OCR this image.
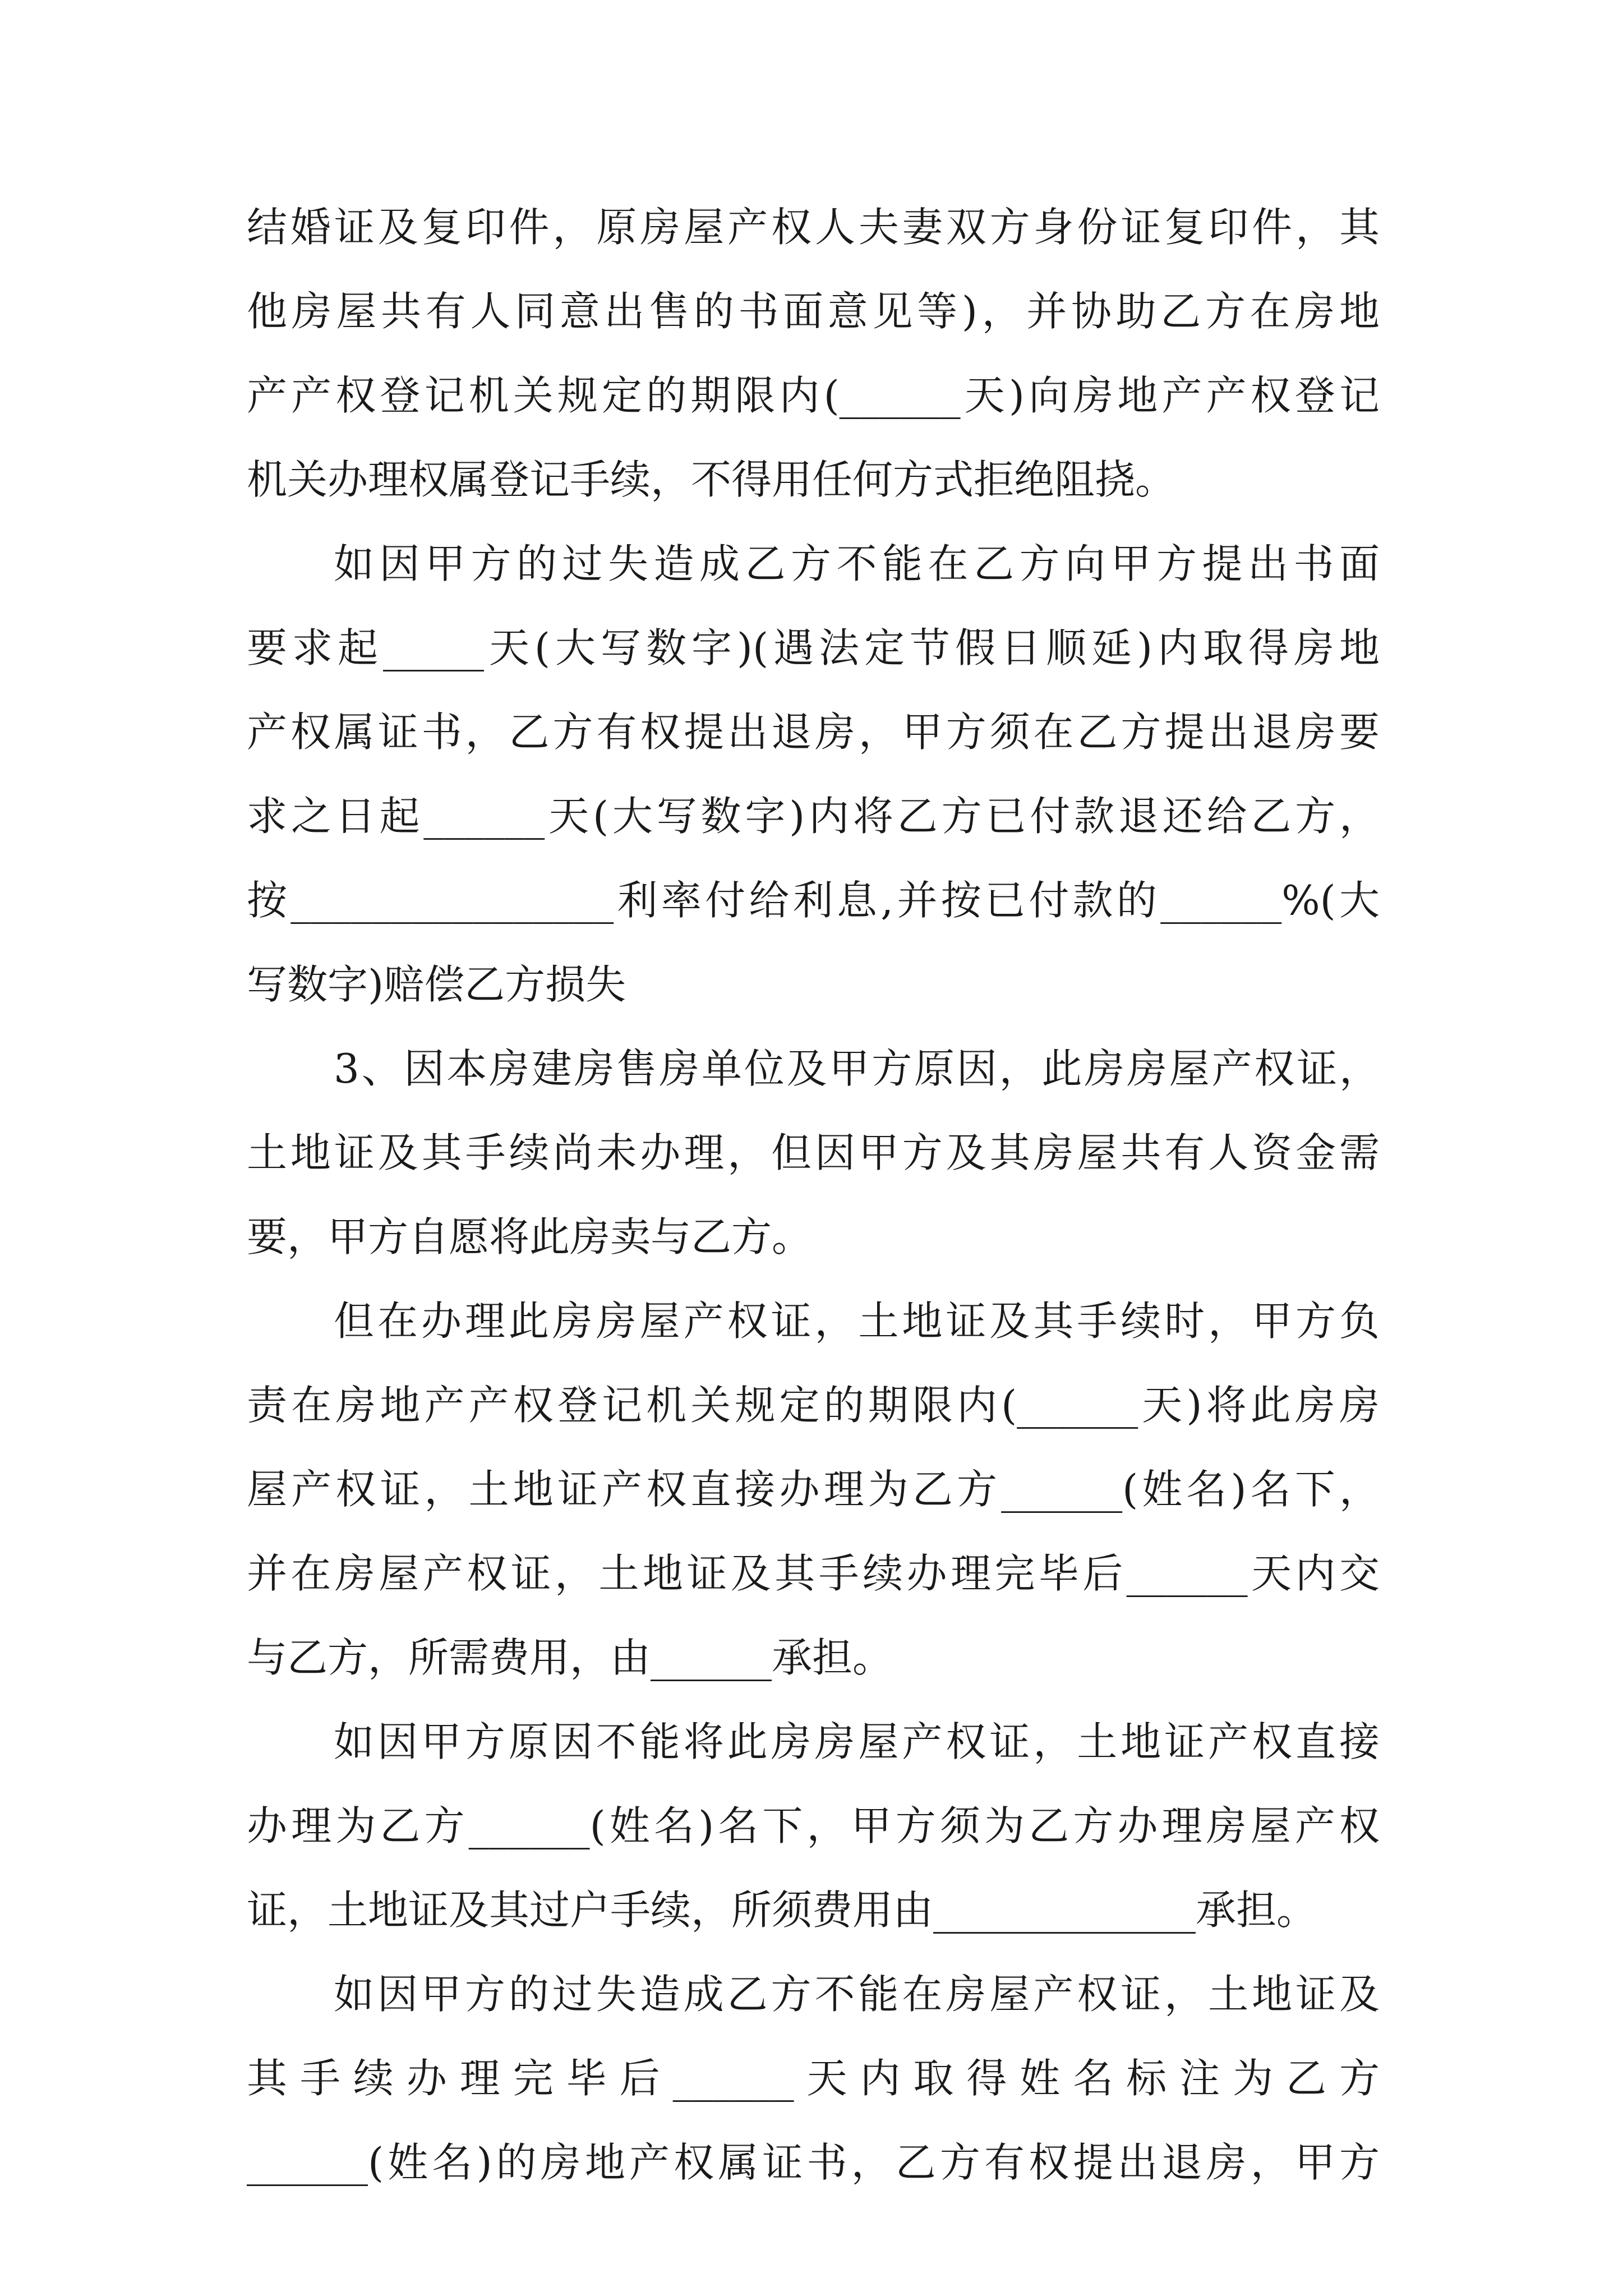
结婚证及复印件，原房屋产权人夫妻双方身份证复印件，其
他房屋共有人同意出售的书面意见等)，并协助乙方在房地
产产权登记机关规定的期限内(______天)向房地产产权登记
机关办理权属登记手续，不得用任何方式拒绝阻挠。
如因甲方的过失造成乙方不能在乙方向甲方提出书面
要求起_____天(大写数字)(遇法定节假日顺延)内取得房地
产权属证书，乙方有权提出退房，甲方须在乙方提出退房要
求之日起______天(大写数字)内将乙方已付款退还给乙方，
按________________利率付给利息,并按已付款的______%(大
写数字)赔偿乙方损失
3、因本房建房售房单位及甲方原因，此房房屋产权证，
土地证及其手续尚未办理，但因甲方及其房屋共有人资金需
要，甲方自愿将此房卖与乙方。
但在办理此房房屋产权证，土地证及其手续时，甲方负
责在房地产产权登记机关规定的期限内(______天)将此房房
屋产权证，土地证产权直接办理为乙方______(姓名)名下，
并在房屋产权证，土地证及其手续办理完毕后______天内交
与乙方，所需费用，由______承担。
如因甲方原因不能将此房房屋产权证，土地证产权直接
办理为乙方______(姓名)名下，甲方须为乙方办理房屋产权
证，土地证及其过户手续，所须费用由_____________承担。
如因甲方的过失造成乙方不能在房屋产权证，土地证及
其手续办理完毕后______天内取得姓名标注为乙方
______(姓名)的房地产权属证书，乙方有权提出退房，甲方
